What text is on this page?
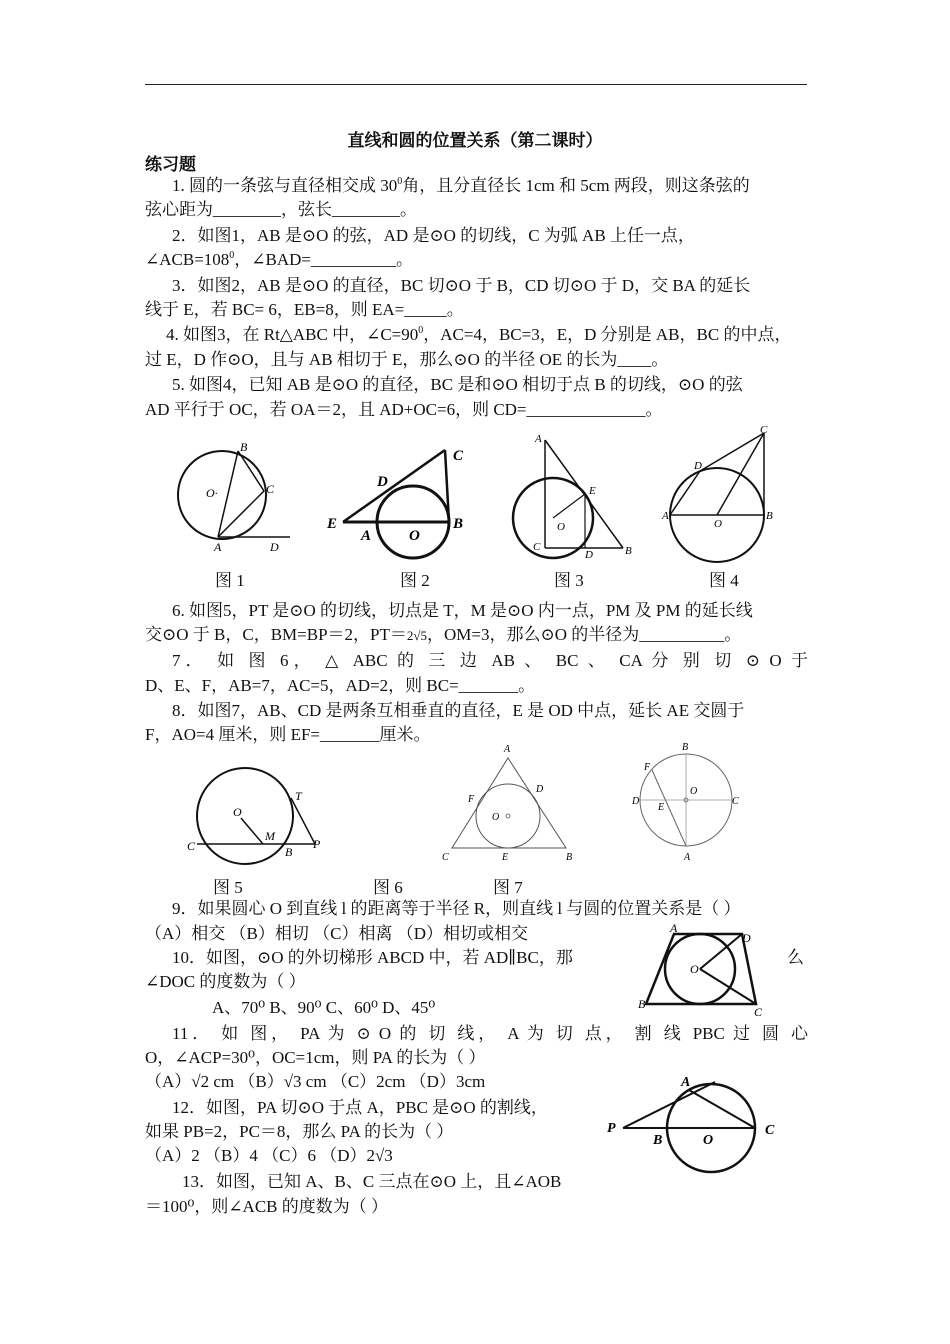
直线和圆的位置关系（第二课时）
练习题
1. 圆的一条弦与直径相交成 $30^0$角，且分直径长 1cm 和 5cm 两段，则这条弦的
弦心距为________，弦长________。
2．如图1，AB 是⊙O 的弦，AD 是⊙O 的切线，C 为弧 AB 上任一点，
$\angle ACB=108^0$，∠BAD=__________。
3．如图2，AB 是⊙O 的直径，BC 切⊙O 于 B，CD 切⊙O 于 D，交 BA 的延长
线于 E，若 BC= 6，EB=8，则 EA=_____。
4. 如图3，在 Rt△ABC 中，$\angle C=90^0$，AC=4，BC=3，E，D 分别是 AB，BC 的中点，
过 E，D 作⊙O，且与 AB 相切于 E，那么⊙O 的半径 OE 的长为____。
5. 如图4，已知 AB 是⊙O 的直径，BC 是和⊙O 相切于点 B 的切线，⊙O 的弦
AD 平行于 OC，若 OA＝2，且 AD+OC=6，则 CD=______________。
B
O·	C
A	D
C
D
E
A	O
B
A
E
O
C
D	B
C
D
A
O
B
图 1	图 2	图 3	图 4
6. 如图5，PT 是⊙O 的切线，切点是 T，M 是⊙O 内一点，PM 及 PM 的延长线
交⊙O 于 B，C，BM=BP＝2，PT＝2√5，OM=3，那么⊙O 的半径为__________。
7． 如 图 6， △ ABC 的 三 边 AB 、 BC 、 CA 分 别 切 ⊙ O 于
D、E、F，AB=7，AC=5，AD=2，则 BC=_______。
8．如图7，AB、CD 是两条互相垂直的直径，E 是 OD 中点，延长 AE 交圆于
F，AO=4 厘米，则 EF=_______厘米。
T
O
M
C	B
P
A
D
F
O
C	E	B
B
F
O
D
E
C
A
图 5	图 6	图 7
9．如果圆心 O 到直线 l 的距离等于半径 R，则直线 l 与圆的位置关系是（ ）
（A）相交 （B）相切 （C）相离 （D）相切或相交
10．如图，⊙O 的外切梯形 ABCD 中，若 AD∥BC，那	么
∠DOC 的度数为（ ）
A、70⁰ B、90⁰ C、60⁰ D、45⁰
A
D
O
B
C
11． 如 图， PA 为 ⊙ O 的 切 线， A 为 切 点， 割 线 PBC 过 圆 心
O，∠ACP=30⁰，OC=1cm，则 PA 的长为（ ）
（A）√2 cm （B）√3 cm （C）2cm （D）3cm
12．如图，PA 切⊙O 于点 A，PBC 是⊙O 的割线，
如果 PB=2，PC＝8，那么 PA 的长为（ ）
（A）2 （B）4 （C）6 （D）2√3
A
P
B	O
C
13．如图，已知 A、B、C 三点在⊙O 上，且∠AOB
＝100⁰，则∠ACB 的度数为（ ）
